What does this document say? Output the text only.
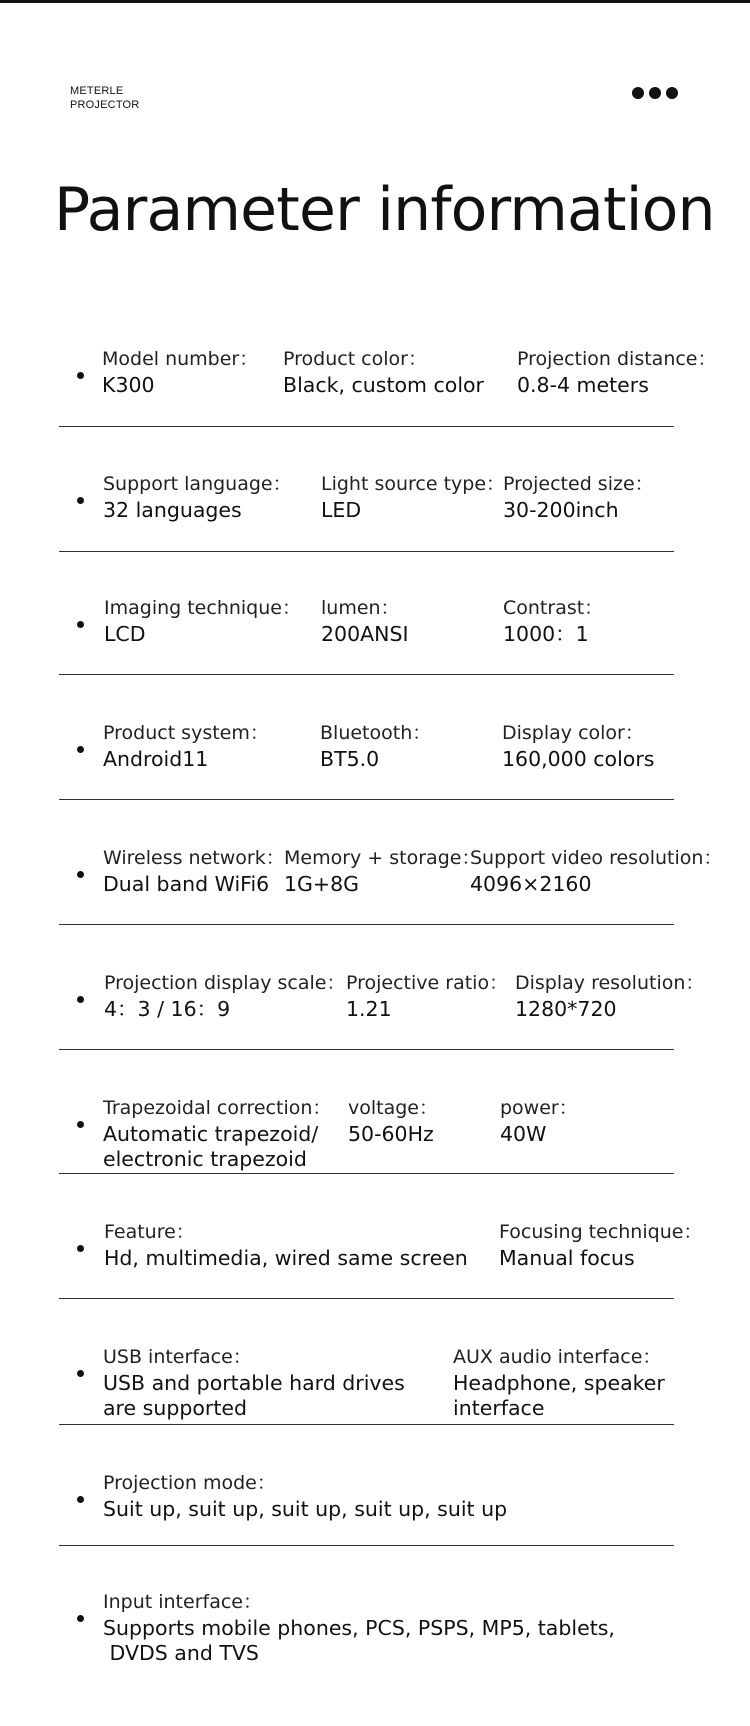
METERLE
PROJECTOR
Parameter information
Model number：
K300
Product color：
Black, custom color
Projection distance：
0.8-4 meters
Support language：
32 languages
Light source type：
LED
Projected size：
30-200inch
Imaging technique：
LCD
lumen：
200ANSI
Contrast：
1000：1
Product system：
Android11
Bluetooth：
BT5.0
Display color：
160,000 colors
Wireless network：
Dual band WiFi6
Memory + storage：
1G+8G
Support video resolution：
4096×2160
Projection display scale：
4：3 / 16：9
Projective ratio：
1.21
Display resolution：
1280*720
Trapezoidal correction：
Automatic trapezoid/
electronic trapezoid
voltage：
50-60Hz
power：
40W
Feature：
Hd, multimedia, wired same screen
Focusing technique：
Manual focus
USB interface：
USB and portable hard drives
are supported
AUX audio interface：
Headphone, speaker
interface
Projection mode：
Suit up, suit up, suit up, suit up, suit up
Input interface：
Supports mobile phones, PCS, PSPS, MP5, tablets,
DVDS and TVS
